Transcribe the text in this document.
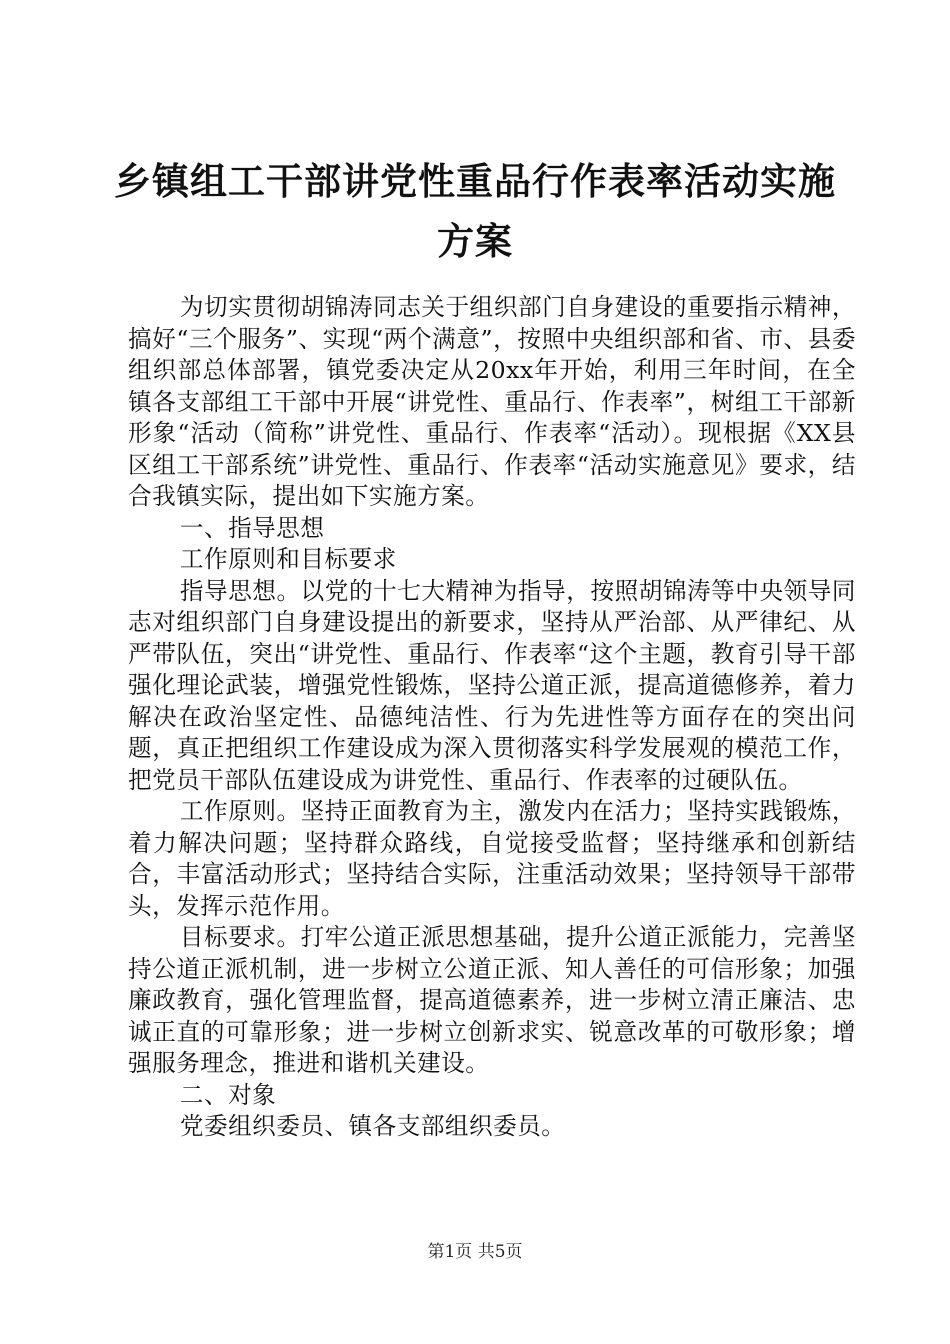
乡镇组工干部讲党性重品行作表率活动实施方案

为切实贯彻胡锦涛同志关于组织部门自身建设的重要指示精神，搞好“三个服务”、实现“两个满意”，按照中央组织部和省、市、县委组织部总体部署，镇党委决定从20xx年开始，利用三年时间，在全镇各支部组工干部中开展“讲党性、重品行、作表率”，树组工干部新形象“活动（简称”讲党性、重品行、作表率“活动）。现根据《XX县区组工干部系统”讲党性、重品行、作表率“活动实施意见》要求，结合我镇实际，提出如下实施方案。

一、指导思想

工作原则和目标要求

指导思想。以党的十七大精神为指导，按照胡锦涛等中央领导同志对组织部门自身建设提出的新要求，坚持从严治部、从严律纪、从严带队伍，突出“讲党性、重品行、作表率“这个主题，教育引导干部强化理论武装，增强党性锻炼，坚持公道正派，提高道德修养，着力解决在政治坚定性、品德纯洁性、行为先进性等方面存在的突出问题，真正把组织工作建设成为深入贯彻落实科学发展观的模范工作，把党员干部队伍建设成为讲党性、重品行、作表率的过硬队伍。

工作原则。坚持正面教育为主，激发内在活力；坚持实践锻炼，着力解决问题；坚持群众路线，自觉接受监督；坚持继承和创新结合，丰富活动形式；坚持结合实际，注重活动效果；坚持领导干部带头，发挥示范作用。

目标要求。打牢公道正派思想基础，提升公道正派能力，完善坚持公道正派机制，进一步树立公道正派、知人善任的可信形象；加强廉政教育，强化管理监督，提高道德素养，进一步树立清正廉洁、忠诚正直的可靠形象；进一步树立创新求实、锐意改革的可敬形象；增强服务理念，推进和谐机关建设。

二、对象

党委组织委员、镇各支部组织委员。

第1页 共5页
